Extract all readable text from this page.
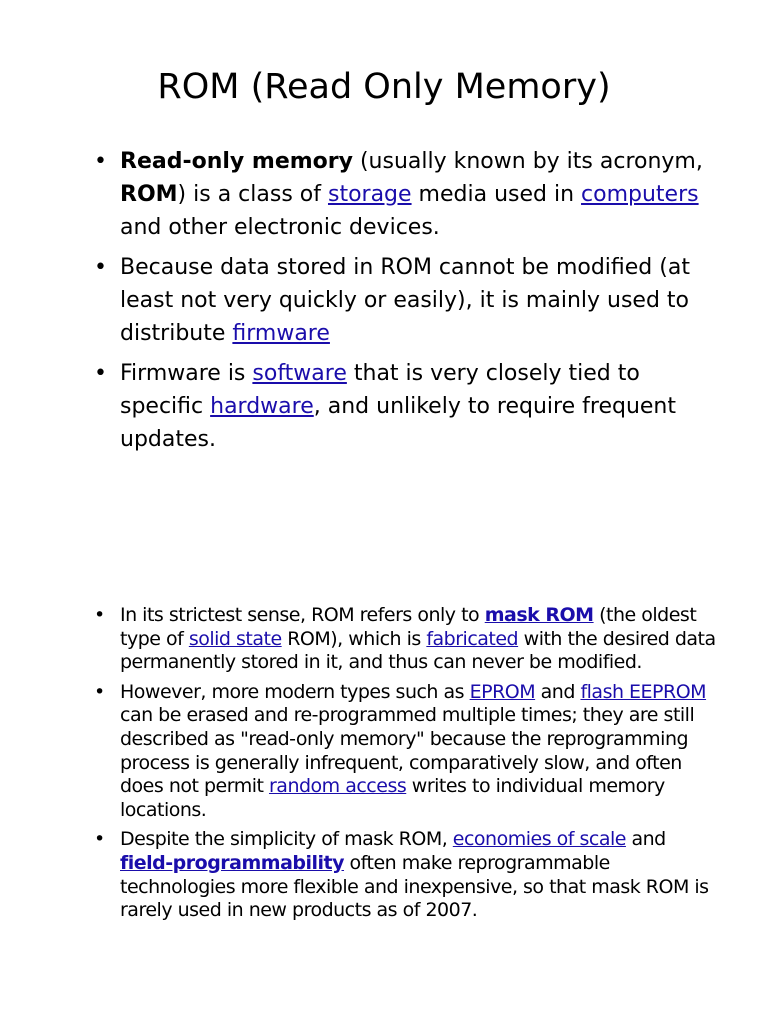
ROM (Read Only Memory)
• Read-only memory (usually known by its acronym, ROM) is a class of storage media used in computers and other electronic devices.
• Because data stored in ROM cannot be modified (at least not very quickly or easily), it is mainly used to distribute firmware
• Firmware is software that is very closely tied to specific hardware, and unlikely to require frequent updates.
• In its strictest sense, ROM refers only to mask ROM (the oldest type of solid state ROM), which is fabricated with the desired data permanently stored in it, and thus can never be modified.
• However, more modern types such as EPROM and flash EEPROM can be erased and re-programmed multiple times; they are still described as "read-only memory" because the reprogramming process is generally infrequent, comparatively slow, and often does not permit random access writes to individual memory locations.
• Despite the simplicity of mask ROM, economies of scale and field-programmability often make reprogrammable technologies more flexible and inexpensive, so that mask ROM is rarely used in new products as of 2007.
